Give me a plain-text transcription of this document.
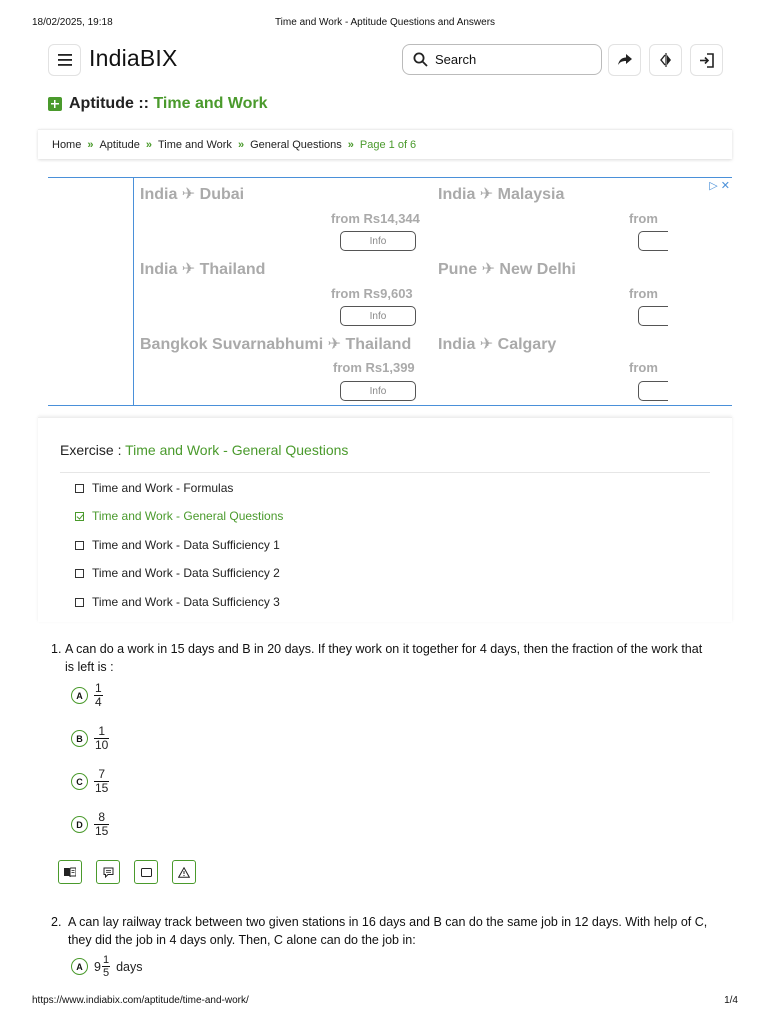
18/02/2025, 19:18	Time and Work - Aptitude Questions and Answers
IndiaBIX	Search
Aptitude
::
Time and Work
Home » Aptitude » Time and Work » General Questions » Page 1 of 6
▷ ✕
India ✈ Dubai	India ✈ Malaysia
from Rs14,344	from
Info
India ✈ Thailand	Pune ✈ New Delhi
from Rs9,603	from
Info
Bangkok Suvarnabhumi ✈ Thailand India ✈ Calgary
from Rs1,399	from
Info
Exercise : Time and Work - General Questions
Time and Work - Formulas
Time and Work - General Questions
Time and Work - Data Sufficiency 1
Time and Work - Data Sufficiency 2
Time and Work - Data Sufficiency 3
1. A can do a work in 15 days and B in 20 days. If they work on it together for 4 days, then the fraction of the work that is left is :
A $\frac{1}{4}$
B $\frac{1}{10}$
C $\frac{7}{15}$
D $\frac{8}{15}$
2. A can lay railway track between two given stations in 16 days and B can do the same job in 12 days. With help of C, they did the job in 4 days only. Then, C alone can do the job in:
A $9 \frac{1}{5}$ days
https://www.indiabix.com/aptitude/time-and-work/	1/4
